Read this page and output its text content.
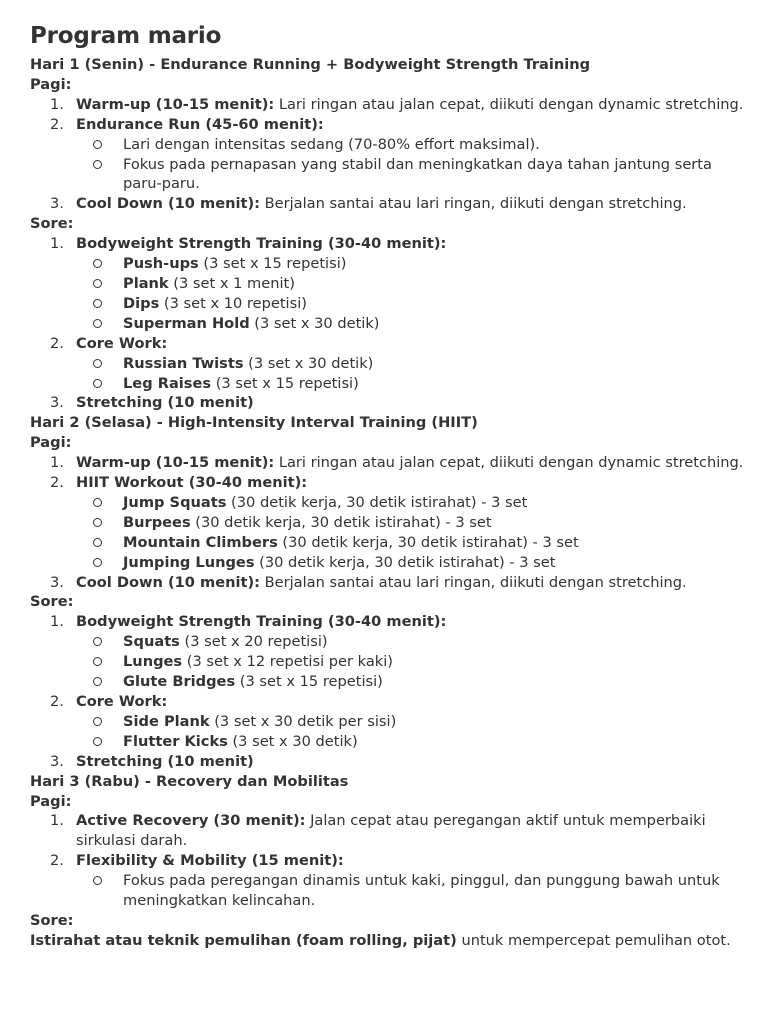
Program mario
Hari 1 (Senin) - Endurance Running + Bodyweight Strength Training
Pagi:
1. Warm-up (10-15 menit): Lari ringan atau jalan cepat, diikuti dengan dynamic stretching.
2. Endurance Run (45-60 menit):
Lari dengan intensitas sedang (70-80% effort maksimal).
Fokus pada pernapasan yang stabil dan meningkatkan daya tahan jantung serta paru-paru.
3. Cool Down (10 menit): Berjalan santai atau lari ringan, diikuti dengan stretching.
Sore:
1. Bodyweight Strength Training (30-40 menit):
Push-ups (3 set x 15 repetisi)
Plank (3 set x 1 menit)
Dips (3 set x 10 repetisi)
Superman Hold (3 set x 30 detik)
2. Core Work:
Russian Twists (3 set x 30 detik)
Leg Raises (3 set x 15 repetisi)
3. Stretching (10 menit)
Hari 2 (Selasa) - High-Intensity Interval Training (HIIT)
Pagi:
1. Warm-up (10-15 menit): Lari ringan atau jalan cepat, diikuti dengan dynamic stretching.
2. HIIT Workout (30-40 menit):
Jump Squats (30 detik kerja, 30 detik istirahat) - 3 set
Burpees (30 detik kerja, 30 detik istirahat) - 3 set
Mountain Climbers (30 detik kerja, 30 detik istirahat) - 3 set
Jumping Lunges (30 detik kerja, 30 detik istirahat) - 3 set
3. Cool Down (10 menit): Berjalan santai atau lari ringan, diikuti dengan stretching.
Sore:
1. Bodyweight Strength Training (30-40 menit):
Squats (3 set x 20 repetisi)
Lunges (3 set x 12 repetisi per kaki)
Glute Bridges (3 set x 15 repetisi)
2. Core Work:
Side Plank (3 set x 30 detik per sisi)
Flutter Kicks (3 set x 30 detik)
3. Stretching (10 menit)
Hari 3 (Rabu) - Recovery dan Mobilitas
Pagi:
1. Active Recovery (30 menit): Jalan cepat atau peregangan aktif untuk memperbaiki sirkulasi darah.
2. Flexibility & Mobility (15 menit):
Fokus pada peregangan dinamis untuk kaki, pinggul, dan punggung bawah untuk meningkatkan kelincahan.
Sore:
Istirahat atau teknik pemulihan (foam rolling, pijat) untuk mempercepat pemulihan otot.
